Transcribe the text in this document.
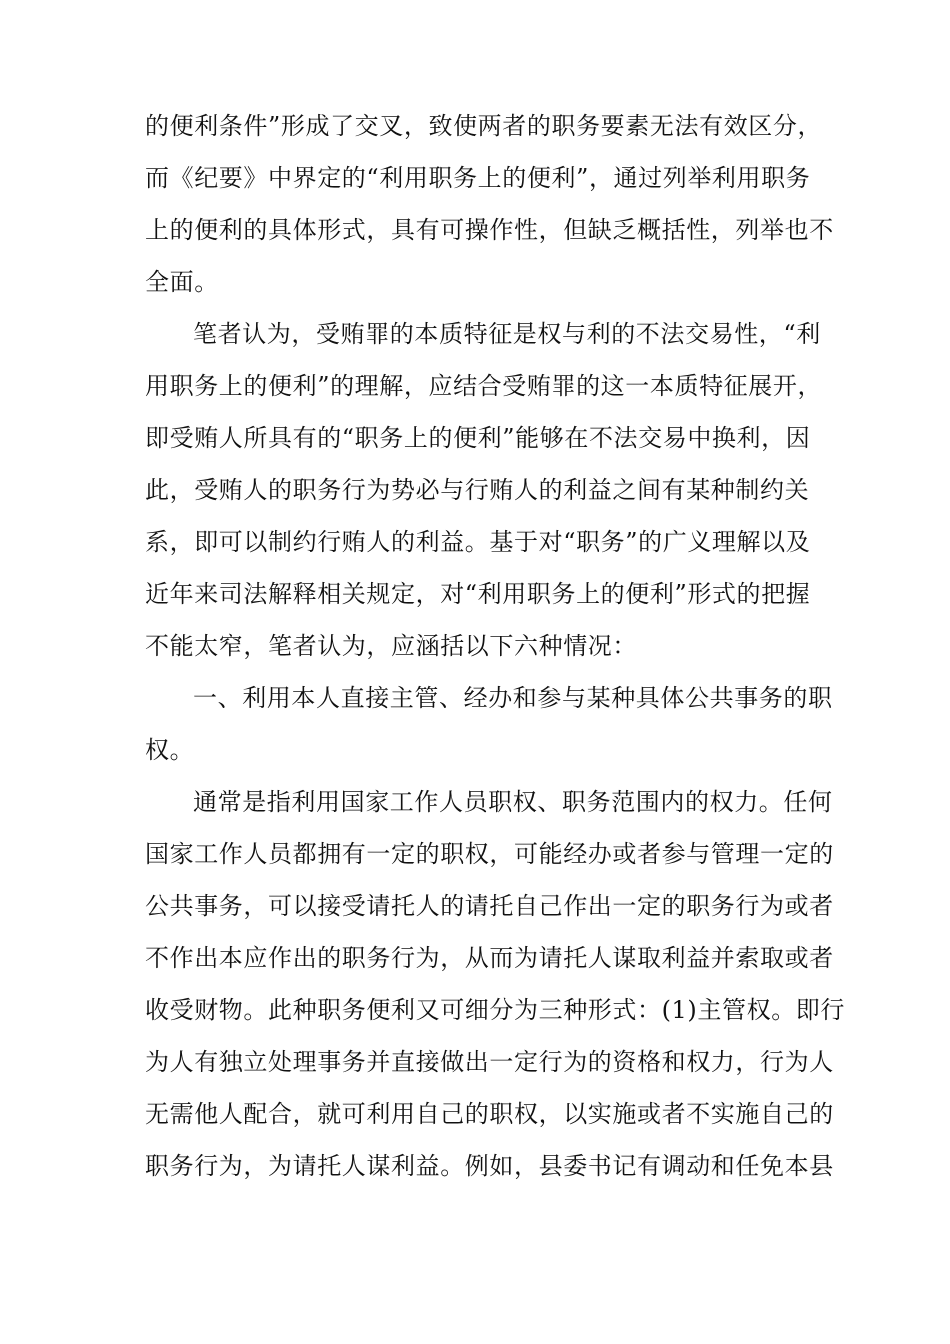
的便利条件”形成了交叉，致使两者的职务要素无法有效区分，
而《纪要》中界定的“利用职务上的便利”，通过列举利用职务
上的便利的具体形式，具有可操作性，但缺乏概括性，列举也不
全面。
笔者认为，受贿罪的本质特征是权与利的不法交易性，“利
用职务上的便利”的理解，应结合受贿罪的这一本质特征展开，
即受贿人所具有的“职务上的便利”能够在不法交易中换利，因
此，受贿人的职务行为势必与行贿人的利益之间有某种制约关
系，即可以制约行贿人的利益。基于对“职务”的广义理解以及
近年来司法解释相关规定，对“利用职务上的便利”形式的把握
不能太窄，笔者认为，应涵括以下六种情况：
一、利用本人直接主管、经办和参与某种具体公共事务的职
权。
通常是指利用国家工作人员职权、职务范围内的权力。任何
国家工作人员都拥有一定的职权，可能经办或者参与管理一定的
公共事务，可以接受请托人的请托自己作出一定的职务行为或者
不作出本应作出的职务行为，从而为请托人谋取利益并索取或者
收受财物。此种职务便利又可细分为三种形式：(1)主管权。即行
为人有独立处理事务并直接做出一定行为的资格和权力，行为人
无需他人配合，就可利用自己的职权，以实施或者不实施自己的
职务行为，为请托人谋利益。例如，县委书记有调动和任免本县
